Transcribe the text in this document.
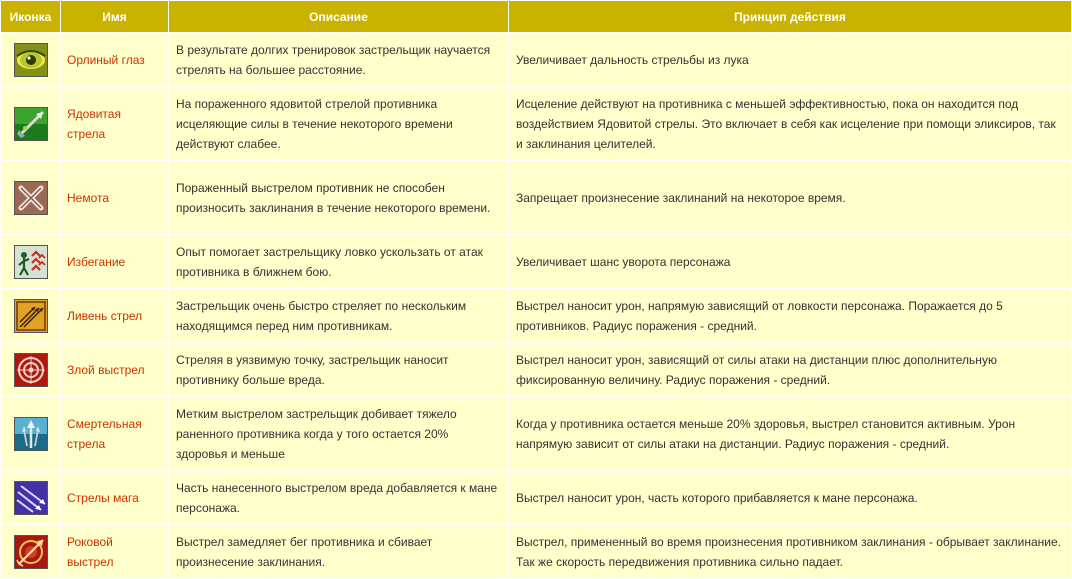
Иконка	Имя	Описание	Принцип действия

	Орлиный глаз	В результате долгих тренировок застрельщик научается стрелять на большее расстояние.	Увеличивает дальность стрельбы из лука

	Ядовитая стрела	На пораженного ядовитой стрелой противника исцеляющие силы в течение некоторого времени действуют слабее.	Исцеление действуют на противника с меньшей эффективностью, пока он находится под воздействием Ядовитой стрелы. Это включает в себя как исцеление при помощи эликсиров, так и заклинания целителей.

	Немота	Пораженный выстрелом противник не способен произносить заклинания в течение некоторого времени.	Запрещает произнесение заклинаний на некоторое время.

	Избегание	Опыт помогает застрельщику ловко ускользать от атак противника в ближнем бою.	Увеличивает шанс уворота персонажа

	Ливень стрел	Застрельщик очень быстро стреляет по нескольким находящимся перед ним противникам.	Выстрел наносит урон, напрямую зависящий от ловкости персонажа. Поражается до 5 противников. Радиус поражения - средний.

	Злой выстрел	Стреляя в уязвимую точку, застрельщик наносит противнику больше вреда.	Выстрел наносит урон, зависящий от силы атаки на дистанции плюс дополнительную фиксированную величину. Радиус поражения - средний.

	Смертельная стрела	Метким выстрелом застрельщик добивает тяжело раненного противника когда у того остается 20% здоровья и меньше	Когда у противника остается меньше 20% здоровья, выстрел становится активным. Урон напрямую зависит от силы атаки на дистанции. Радиус поражения - средний.

	Стрелы мага	Часть нанесенного выстрелом вреда добавляется к мане персонажа.	Выстрел наносит урон, часть которого прибавляется к мане персонажа.

	Роковой выстрел	Выстрел замедляет бег противника и сбивает произнесение заклинания.	Выстрел, примененный во время произнесения противником заклинания - обрывает заклинание. Так же скорость передвижения противника сильно падает.
